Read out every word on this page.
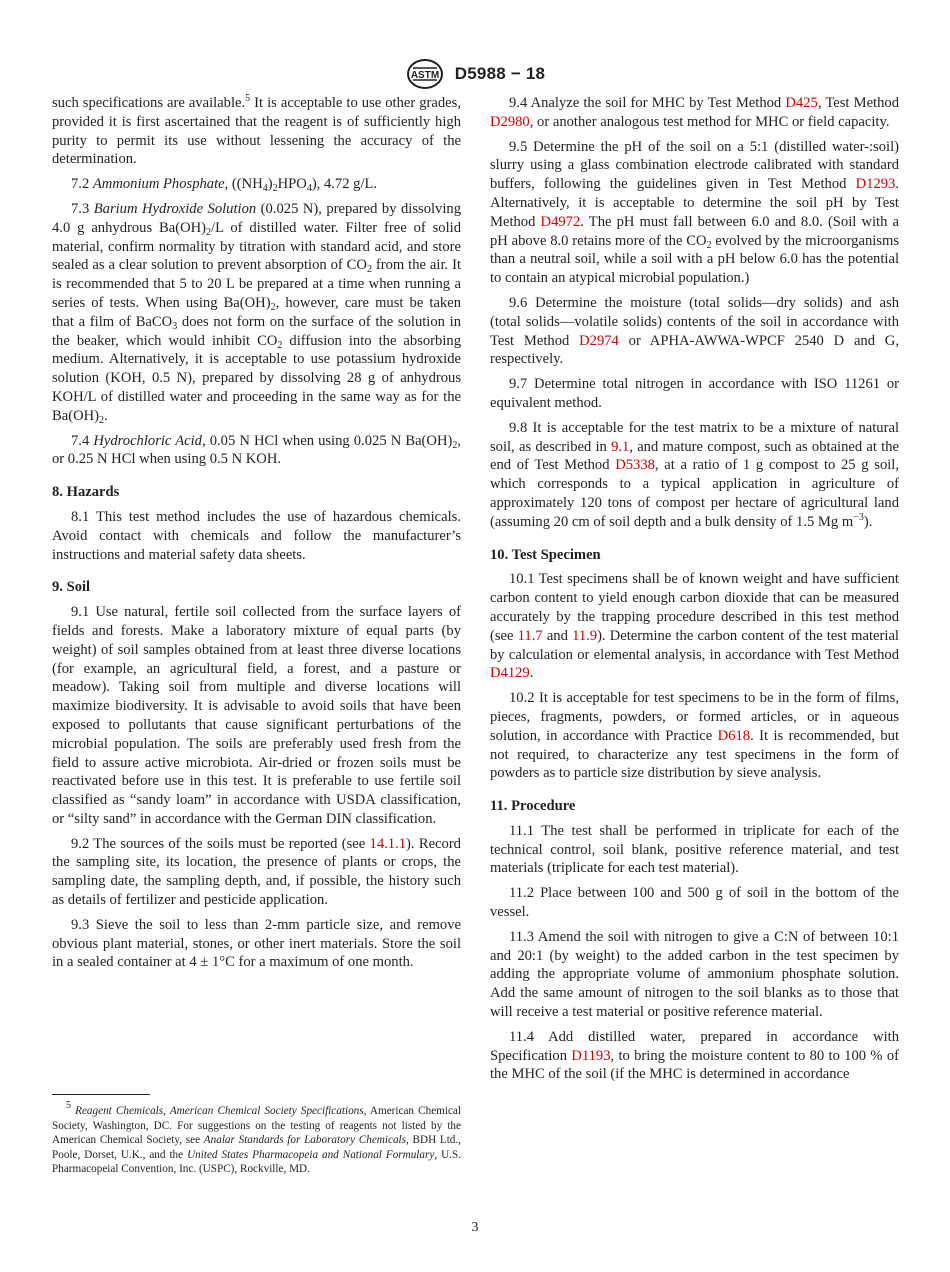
ASTM D5988 − 18

such specifications are available.$^5$ It is acceptable to use other grades, provided it is first ascertained that the reagent is of sufficiently high purity to permit its use without lessening the accuracy of the determination.

7.2 Ammonium Phosphate, $((NH_4)_2HPO_4)$, 4.72 g/L.

7.3 Barium Hydroxide Solution (0.025 N), prepared by dissolving 4.0 g anhydrous $Ba(OH)_2/L$ of distilled water. Filter free of solid material, confirm normality by titration with standard acid, and store sealed as a clear solution to prevent absorption of $CO_2$ from the air. It is recommended that 5 to 20 L be prepared at a time when running a series of tests. When using $Ba(OH)_2$, however, care must be taken that a film of BaCO$_3$ does not form on the surface of the solution in the beaker, which would inhibit $CO_2$ diffusion into the absorbing medium. Alternatively, it is acceptable to use potassium hydroxide solution (KOH, 0.5 N), prepared by dissolving 28 g of anhydrous KOH/L of distilled water and proceeding in the same way as for the $Ba(OH)_2$.

7.4 Hydrochloric Acid, 0.05 N HCl when using 0.025 N $Ba(OH)_2$, or 0.25 N HCl when using 0.5 N KOH.

8. Hazards

8.1 This test method includes the use of hazardous chemicals. Avoid contact with chemicals and follow the manufacturer’s instructions and material safety data sheets.

9. Soil

9.1 Use natural, fertile soil collected from the surface layers of fields and forests. Make a laboratory mixture of equal parts (by weight) of soil samples obtained from at least three diverse locations (for example, an agricultural field, a forest, and a pasture or meadow). Taking soil from multiple and diverse locations will maximize biodiversity. It is advisable to avoid soils that have been exposed to pollutants that cause significant perturbations of the microbial population. The soils are preferably used fresh from the field to assure active microbiota. Air-dried or frozen soils must be reactivated before use in this test. It is preferable to use fertile soil classified as “sandy loam” in accordance with USDA classification, or “silty sand” in accordance with the German DIN classification.

9.2 The sources of the soils must be reported (see 14.1.1). Record the sampling site, its location, the presence of plants or crops, the sampling date, the sampling depth, and, if possible, the history such as details of fertilizer and pesticide application.

9.3 Sieve the soil to less than 2-mm particle size, and remove obvious plant material, stones, or other inert materials. Store the soil in a sealed container at 4 ± 1°C for a maximum of one month.

$^5$ Reagent Chemicals, American Chemical Society Specifications, American Chemical Society, Washington, DC. For suggestions on the testing of reagents not listed by the American Chemical Society, see Analar Standards for Laboratory Chemicals, BDH Ltd., Poole, Dorset, U.K., and the United States Pharmacopeia and National Formulary, U.S. Pharmacopeial Convention, Inc. (USPC), Rockville, MD.

9.4 Analyze the soil for MHC by Test Method D425, Test Method D2980, or another analogous test method for MHC or field capacity.

9.5 Determine the pH of the soil on a 5:1 (distilled water-:soil) slurry using a glass combination electrode calibrated with standard buffers, following the guidelines given in Test Method D1293. Alternatively, it is acceptable to determine the soil pH by Test Method D4972. The pH must fall between 6.0 and 8.0. (Soil with a pH above 8.0 retains more of the $CO_2$ evolved by the microorganisms than a neutral soil, while a soil with a pH below 6.0 has the potential to contain an atypical microbial population.)

9.6 Determine the moisture (total solids—dry solids) and ash (total solids—volatile solids) contents of the soil in accordance with Test Method D2974 or APHA-AWWA-WPCF 2540 D and G, respectively.

9.7 Determine total nitrogen in accordance with ISO 11261 or equivalent method.

9.8 It is acceptable for the test matrix to be a mixture of natural soil, as described in 9.1, and mature compost, such as obtained at the end of Test Method D5338, at a ratio of 1 g compost to 25 g soil, which corresponds to a typical application in agriculture of approximately 120 tons of compost per hectare of agricultural land (assuming 20 cm of soil depth and a bulk density of 1.5 Mg $m^{-3}$).

10. Test Specimen

10.1 Test specimens shall be of known weight and have sufficient carbon content to yield enough carbon dioxide that can be measured accurately by the trapping procedure described in this test method (see 11.7 and 11.9). Determine the carbon content of the test material by calculation or elemental analysis, in accordance with Test Method D4129.

10.2 It is acceptable for test specimens to be in the form of films, pieces, fragments, powders, or formed articles, or in aqueous solution, in accordance with Practice D618. It is recommended, but not required, to characterize any test specimens in the form of powders as to particle size distribution by sieve analysis.

11. Procedure

11.1 The test shall be performed in triplicate for each of the technical control, soil blank, positive reference material, and test materials (triplicate for each test material).

11.2 Place between 100 and 500 g of soil in the bottom of the vessel.

11.3 Amend the soil with nitrogen to give a C:N of between 10:1 and 20:1 (by weight) to the added carbon in the test specimen by adding the appropriate volume of ammonium phosphate solution. Add the same amount of nitrogen to the soil blanks as to those that will receive a test material or positive reference material.

11.4 Add distilled water, prepared in accordance with Specification D1193, to bring the moisture content to 80 to 100 % of the MHC of the soil (if the MHC is determined in accordance

3
